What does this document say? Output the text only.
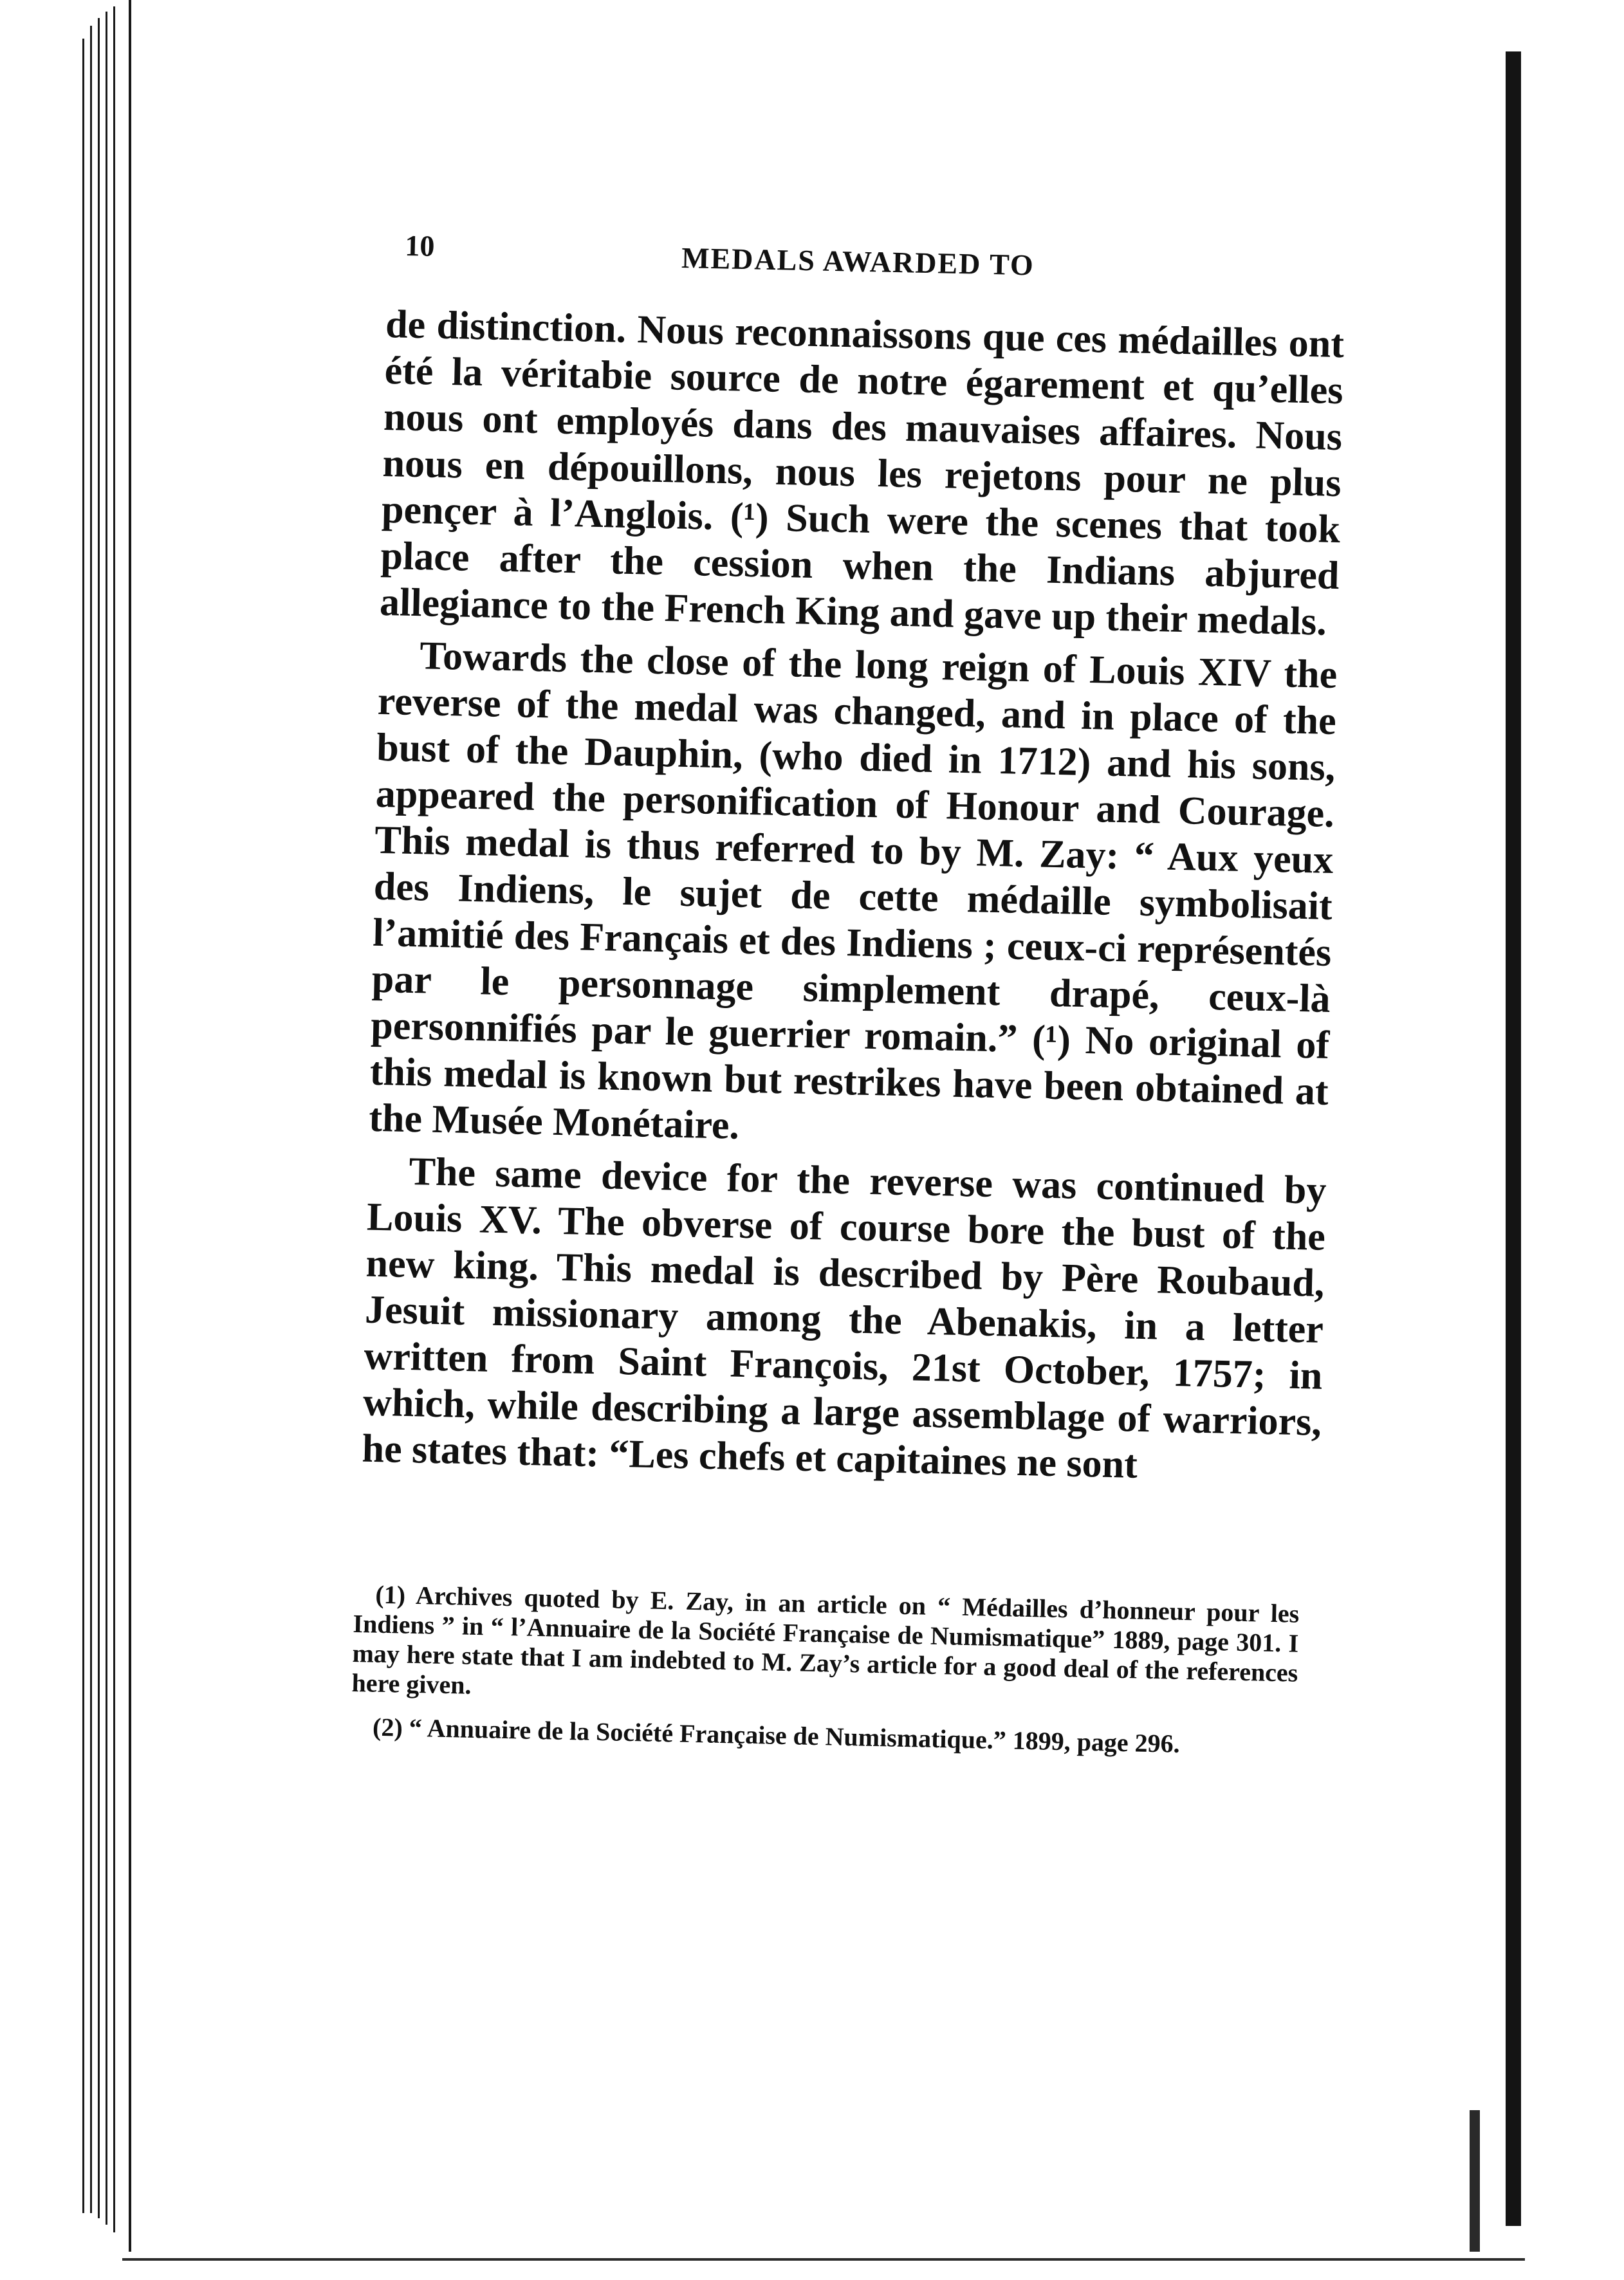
10	MEDALS AWARDED TO

de distinction. Nous reconnaissons que ces médailles ont été la véritabie source de notre égarement et qu’elles nous ont employés dans des mauvaises affaires. Nous nous en dépouillons, nous les rejetons pour ne plus pençer à l’Anglois. (¹) Such were the scenes that took place after the cession when the Indians abjured allegiance to the French King and gave up their medals.

Towards the close of the long reign of Louis XIV the reverse of the medal was changed, and in place of the bust of the Dauphin, (who died in 1712) and his sons, appeared the personification of Honour and Courage. This medal is thus referred to by M. Zay: “ Aux yeux des Indiens, le sujet de cette médaille symbolisait l’amitié des Français et des Indiens ; ceux-ci représentés par le personnage simplement drapé, ceux-là personnifiés par le guerrier romain.” (¹) No original of this medal is known but restrikes have been obtained at the Musée Monétaire.

The same device for the reverse was continued by Louis XV. The obverse of course bore the bust of the new king. This medal is described by Père Roubaud, Jesuit missionary among the Abenakis, in a letter written from Saint François, 21st October, 1757; in which, while describing a large assemblage of warriors, he states that: “Les chefs et capitaines ne sont

(1) Archives quoted by E. Zay, in an article on “ Médailles d’honneur pour les Indiens ” in “ l’Annuaire de la Société Française de Numismatique” 1889, page 301. I may here state that I am indebted to M. Zay’s article for a good deal of the references here given.

(2) “ Annuaire de la Société Française de Numismatique.” 1899, page 296.
